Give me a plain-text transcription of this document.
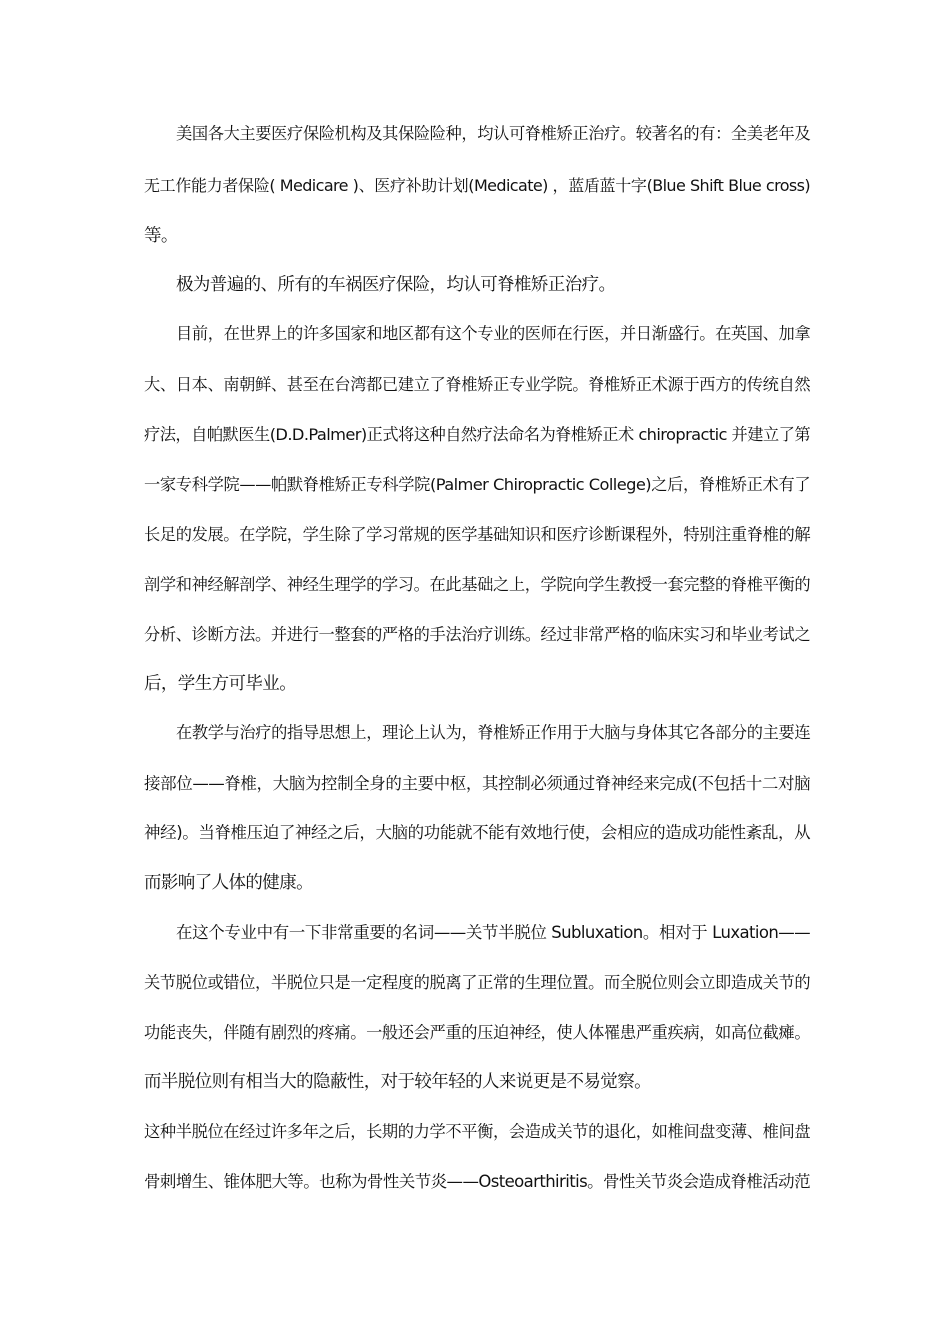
美国各大主要医疗保险机构及其保险险种，均认可脊椎矫正治疗。较著名的有：全美老年及
无工作能力者保险( Medicare )、医疗补助计划(Medicate) ，蓝盾蓝十字(Blue Shift Blue cross)
等。
极为普遍的、所有的车祸医疗保险，均认可脊椎矫正治疗。
目前，在世界上的许多国家和地区都有这个专业的医师在行医，并日渐盛行。在英国、加拿
大、日本、南朝鲜、甚至在台湾都已建立了脊椎矫正专业学院。脊椎矫正术源于西方的传统自然
疗法，自帕默医生(D.D.Palmer)正式将这种自然疗法命名为脊椎矫正术 chiropractic 并建立了第
一家专科学院——帕默脊椎矫正专科学院(Palmer Chiropractic College)之后，脊椎矫正术有了
长足的发展。在学院，学生除了学习常规的医学基础知识和医疗诊断课程外，特别注重脊椎的解
剖学和神经解剖学、神经生理学的学习。在此基础之上，学院向学生教授一套完整的脊椎平衡的
分析、诊断方法。并进行一整套的严格的手法治疗训练。经过非常严格的临床实习和毕业考试之
后，学生方可毕业。
在教学与治疗的指导思想上，理论上认为，脊椎矫正作用于大脑与身体其它各部分的主要连
接部位——脊椎，大脑为控制全身的主要中枢，其控制必须通过脊神经来完成(不包括十二对脑
神经)。当脊椎压迫了神经之后，大脑的功能就不能有效地行使，会相应的造成功能性紊乱，从
而影响了人体的健康。
在这个专业中有一下非常重要的名词——关节半脱位 Subluxation。相对于 Luxation——
关节脱位或错位，半脱位只是一定程度的脱离了正常的生理位置。而全脱位则会立即造成关节的
功能丧失，伴随有剧烈的疼痛。一般还会严重的压迫神经，使人体罹患严重疾病，如高位截瘫。
而半脱位则有相当大的隐蔽性，对于较年轻的人来说更是不易觉察。
这种半脱位在经过许多年之后，长期的力学不平衡，会造成关节的退化，如椎间盘变薄、椎间盘
骨刺增生、锥体肥大等。也称为骨性关节炎——Osteoarthiritis。骨性关节炎会造成脊椎活动范
